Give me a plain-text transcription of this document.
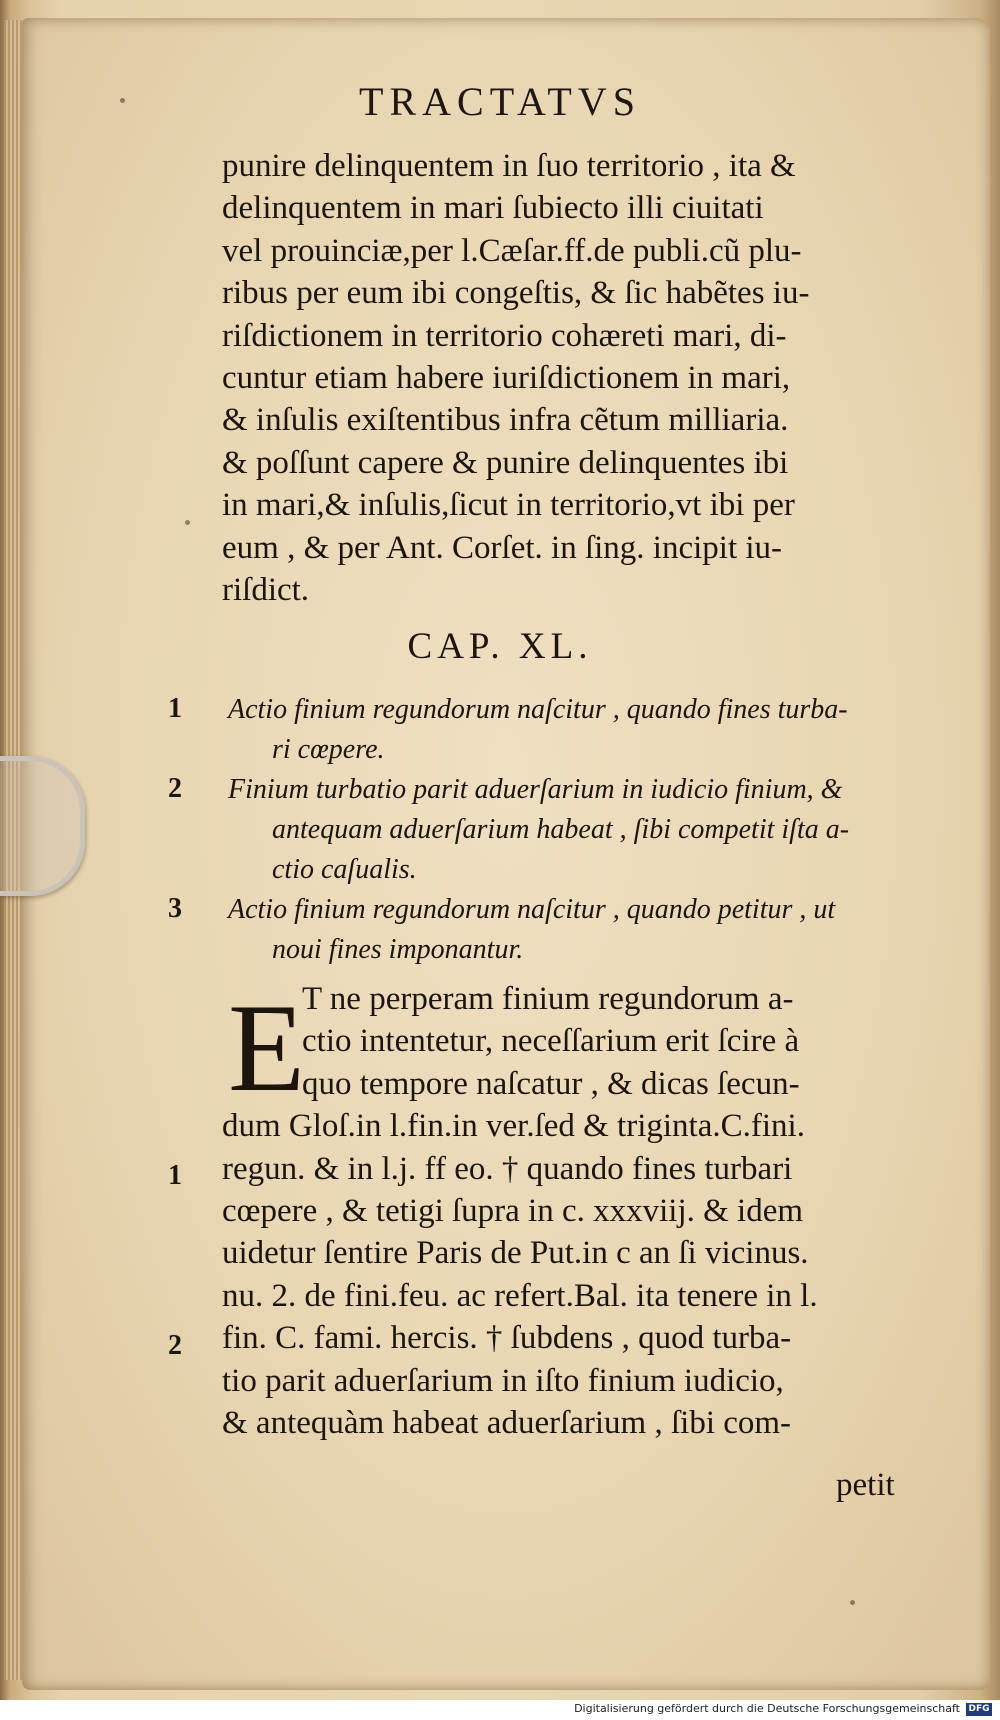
TRACTATVS
punire delinquentem in ſuo territorio , ita &
delinquentem in mari ſubiecto illi ciuitati
vel prouinciæ,per l.Cæſar.ff.de publi.cũ plu-
ribus per eum ibi congeſtis, & ſic habẽtes iu-
riſdictionem in territorio cohæreti mari, di-
cuntur etiam habere iuriſdictionem in mari,
& inſulis exiſtentibus infra cẽtum milliaria.
& poſſunt capere & punire delinquentes ibi
in mari,& inſulis,ſicut in territorio,vt ibi per
eum , & per Ant. Corſet. in ſing. incipit iu-
riſdict.
CAP. XL.
1
2
3
Actio finium regundorum naſcitur , quando fines turba-
ri cœpere.
Finium turbatio parit aduerſarium in iudicio finium, &
antequam aduerſarium habeat , ſibi competit iſta a-
ctio caſualis.
Actio finium regundorum naſcitur , quando petitur , ut
noui fines imponantur.
E
1
2
T ne perperam finium regundorum a-
ctio intentetur, neceſſarium erit ſcire à
quo tempore naſcatur , & dicas ſecun-
dum Gloſ.in l.fin.in ver.ſed & triginta.C.fini.
regun. & in l.j. ff eo. † quando fines turbari
cœpere , & tetigi ſupra in c. xxxviij. & idem
uidetur ſentire Paris de Put.in c an ſi vicinus.
nu. 2. de fini.feu. ac refert.Bal. ita tenere in l.
fin. C. fami. hercis. † ſubdens , quod turba-
tio parit aduerſarium in iſto finium iudicio,
& antequàm habeat aduerſarium , ſibi com-
petit
Digitalisierung gefördert durch die Deutsche Forschungsgemeinschaft DFG
